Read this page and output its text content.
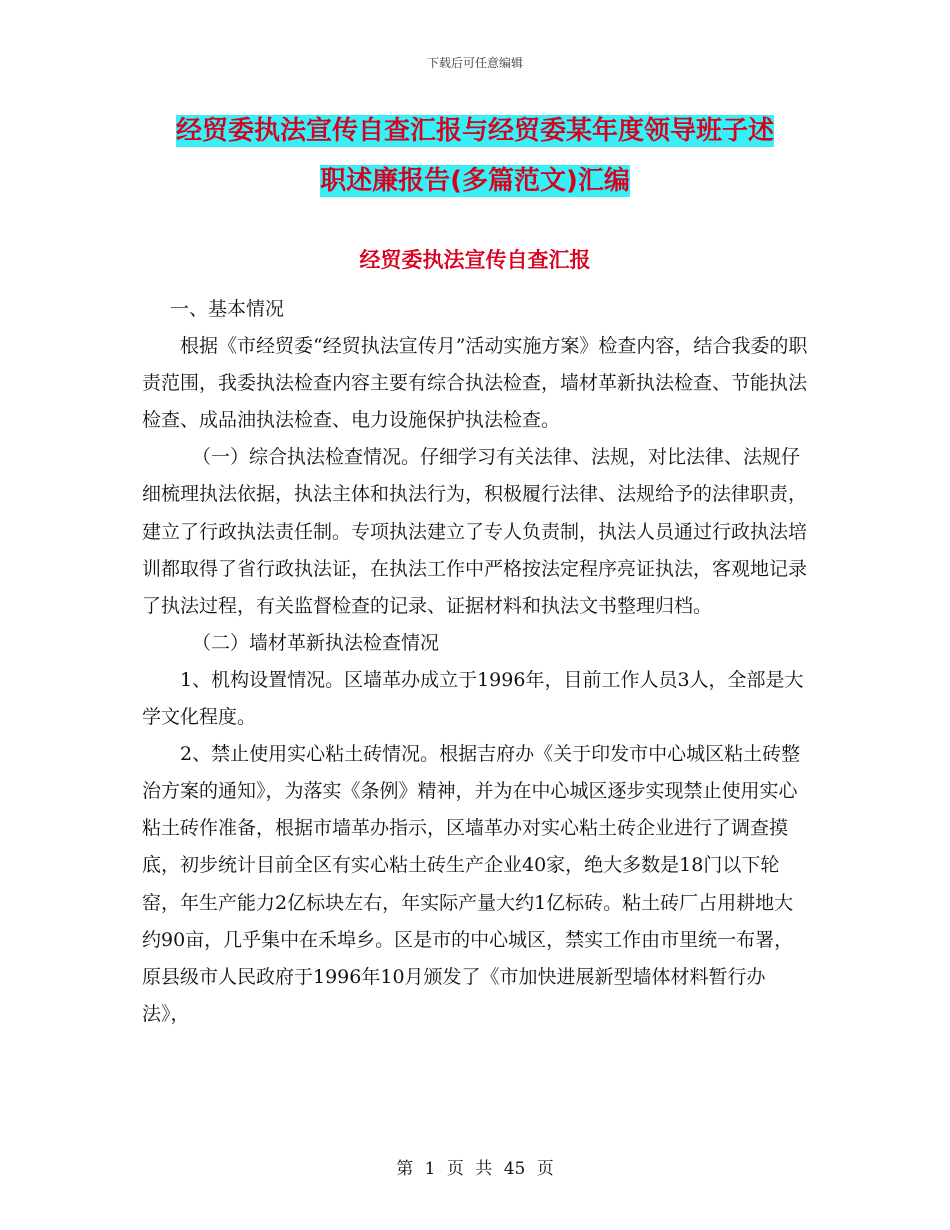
下载后可任意编辑
经贸委执法宣传自查汇报与经贸委某年度领导班子述
职述廉报告(多篇范文)汇编
经贸委执法宣传自查汇报

一、基本情况

根据《市经贸委“经贸执法宣传月”活动实施方案》检查内容，结合我委的职责范围，我委执法检查内容主要有综合执法检查，墙材革新执法检查、节能执法检查、成品油执法检查、电力设施保护执法检查。

（一）综合执法检查情况。仔细学习有关法律、法规，对比法律、法规仔细梳理执法依据，执法主体和执法行为，积极履行法律、法规给予的法律职责，建立了行政执法责任制。专项执法建立了专人负责制，执法人员通过行政执法培训都取得了省行政执法证，在执法工作中严格按法定程序亮证执法，客观地记录了执法过程，有关监督检查的记录、证据材料和执法文书整理归档。

（二）墙材革新执法检查情况

1、机构设置情况。区墙革办成立于1996年，目前工作人员3人，全部是大学文化程度。

2、禁止使用实心粘土砖情况。根据吉府办《关于印发市中心城区粘土砖整治方案的通知》，为落实《条例》精神，并为在中心城区逐步实现禁止使用实心粘土砖作准备，根据市墙革办指示，区墙革办对实心粘土砖企业进行了调查摸底，初步统计目前全区有实心粘土砖生产企业40家，绝大多数是18门以下轮窑，年生产能力2亿标块左右，年实际产量大约1亿标砖。粘土砖厂占用耕地大约90亩，几乎集中在禾埠乡。区是市的中心城区，禁实工作由市里统一布署，原县级市人民政府于1996年10月颁发了《市加快进展新型墙体材料暂行办法》，

第 1 页 共 45 页
